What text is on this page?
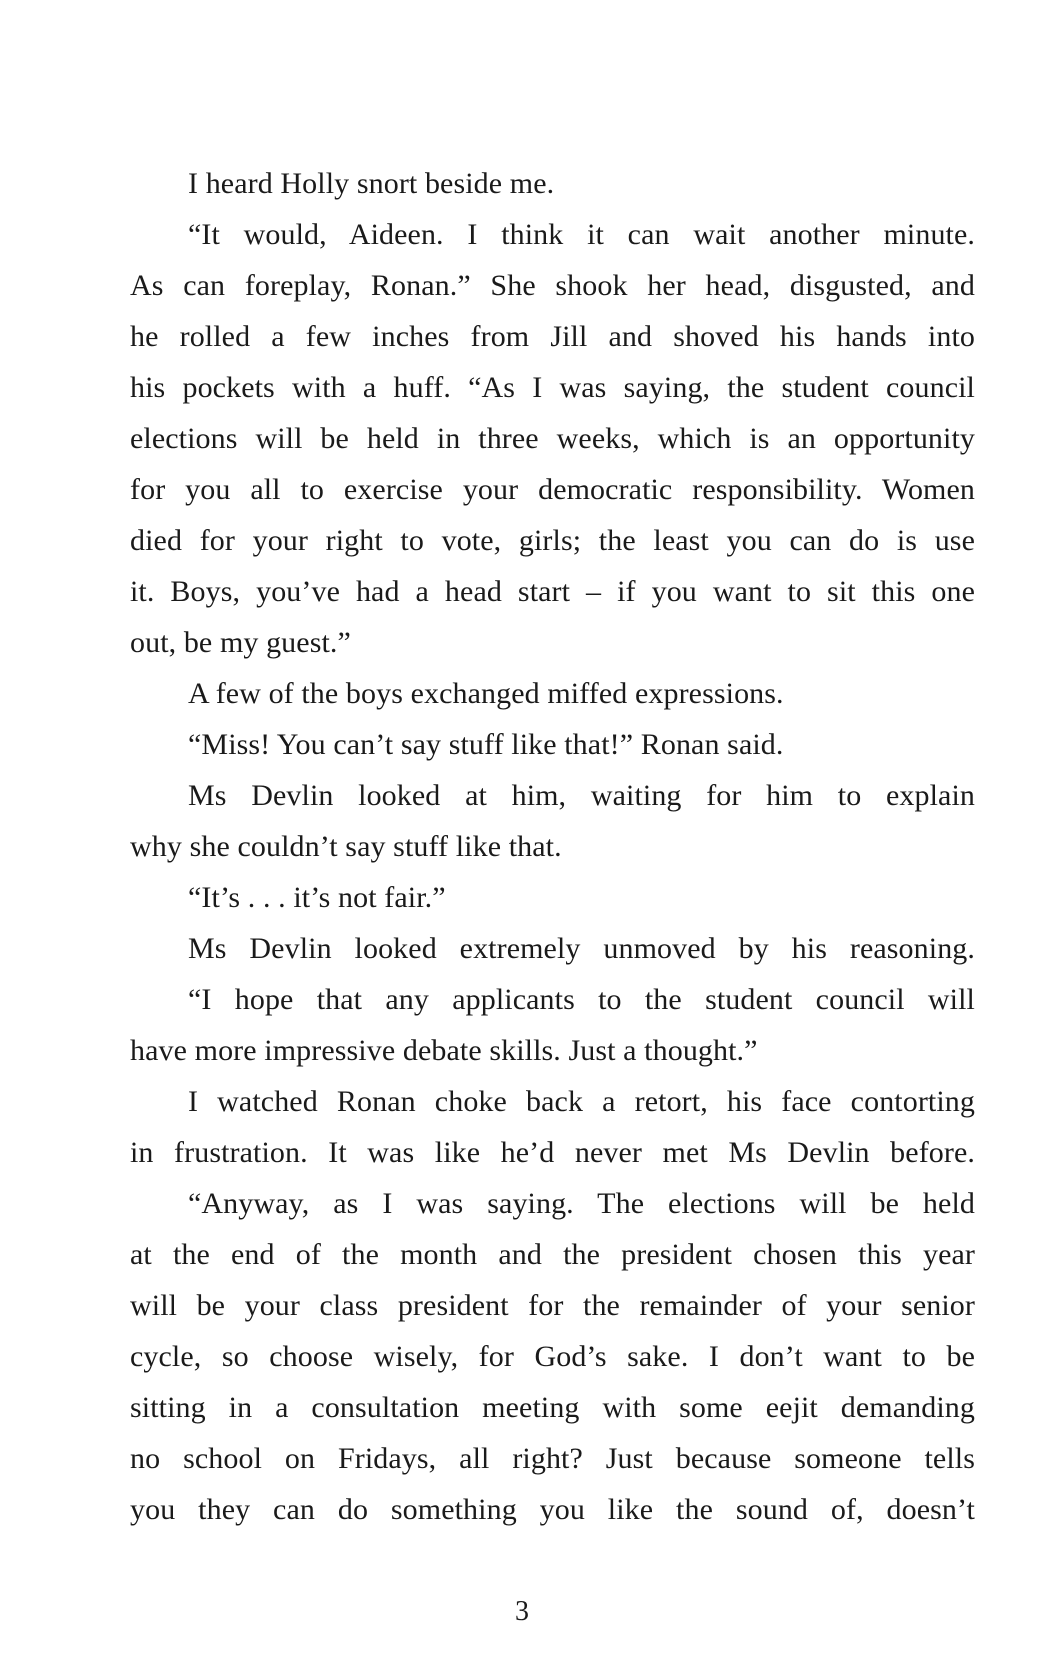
I heard Holly snort beside me.
“It would, Aideen. I think it can wait another minute.
As can foreplay, Ronan.” She shook her head, disgusted, and
he rolled a few inches from Jill and shoved his hands into
his pockets with a huff. “As I was saying, the student council
elections will be held in three weeks, which is an opportunity
for you all to exercise your democratic responsibility. Women
died for your right to vote, girls; the least you can do is use
it. Boys, you’ve had a head start – if you want to sit this one
out, be my guest.”
A few of the boys exchanged miffed expressions.
“Miss! You can’t say stuff like that!” Ronan said.
Ms Devlin looked at him, waiting for him to explain
why she couldn’t say stuff like that.
“It’s . . . it’s not fair.”
Ms Devlin looked extremely unmoved by his reasoning.
“I hope that any applicants to the student council will
have more impressive debate skills. Just a thought.”
I watched Ronan choke back a retort, his face contorting
in frustration. It was like he’d never met Ms Devlin before.
“Anyway, as I was saying. The elections will be held
at the end of the month and the president chosen this year
will be your class president for the remainder of your senior
cycle, so choose wisely, for God’s sake. I don’t want to be
sitting in a consultation meeting with some eejit demanding
no school on Fridays, all right? Just because someone tells
you they can do something you like the sound of, doesn’t
3
